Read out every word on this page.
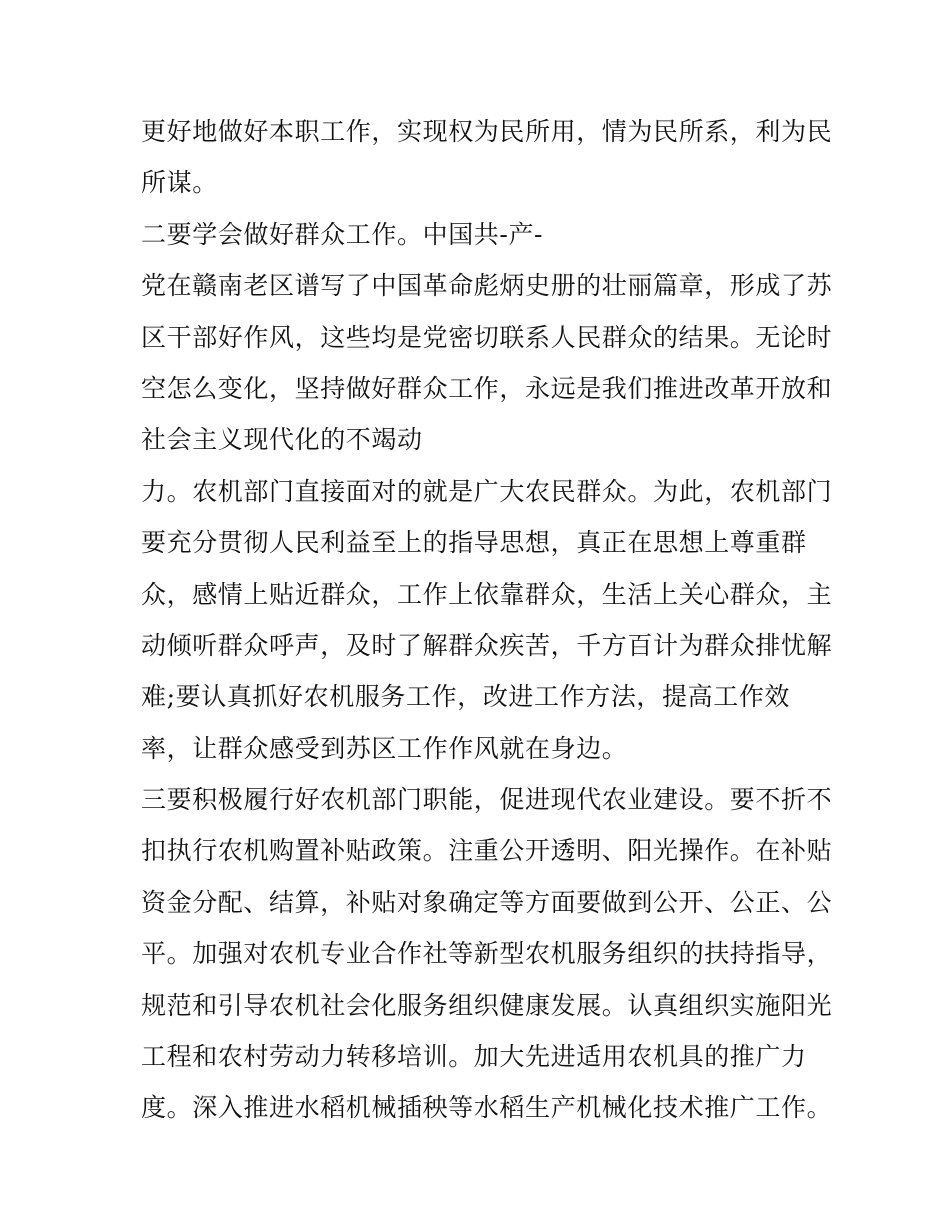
更好地做好本职工作，实现权为民所用，情为民所系，利为民
所谋。
二要学会做好群众工作。中国共-产-
党在赣南老区谱写了中国革命彪炳史册的壮丽篇章，形成了苏
区干部好作风，这些均是党密切联系人民群众的结果。无论时
空怎么变化，坚持做好群众工作，永远是我们推进改革开放和
社会主义现代化的不竭动
力。农机部门直接面对的就是广大农民群众。为此，农机部门
要充分贯彻人民利益至上的指导思想，真正在思想上尊重群
众，感情上贴近群众，工作上依靠群众，生活上关心群众，主
动倾听群众呼声，及时了解群众疾苦，千方百计为群众排忧解
难;要认真抓好农机服务工作，改进工作方法，提高工作效
率，让群众感受到苏区工作作风就在身边。
三要积极履行好农机部门职能，促进现代农业建设。要不折不
扣执行农机购置补贴政策。注重公开透明、阳光操作。在补贴
资金分配、结算，补贴对象确定等方面要做到公开、公正、公
平。加强对农机专业合作社等新型农机服务组织的扶持指导，
规范和引导农机社会化服务组织健康发展。认真组织实施阳光
工程和农村劳动力转移培训。加大先进适用农机具的推广力
度。深入推进水稻机械插秧等水稻生产机械化技术推广工作。
